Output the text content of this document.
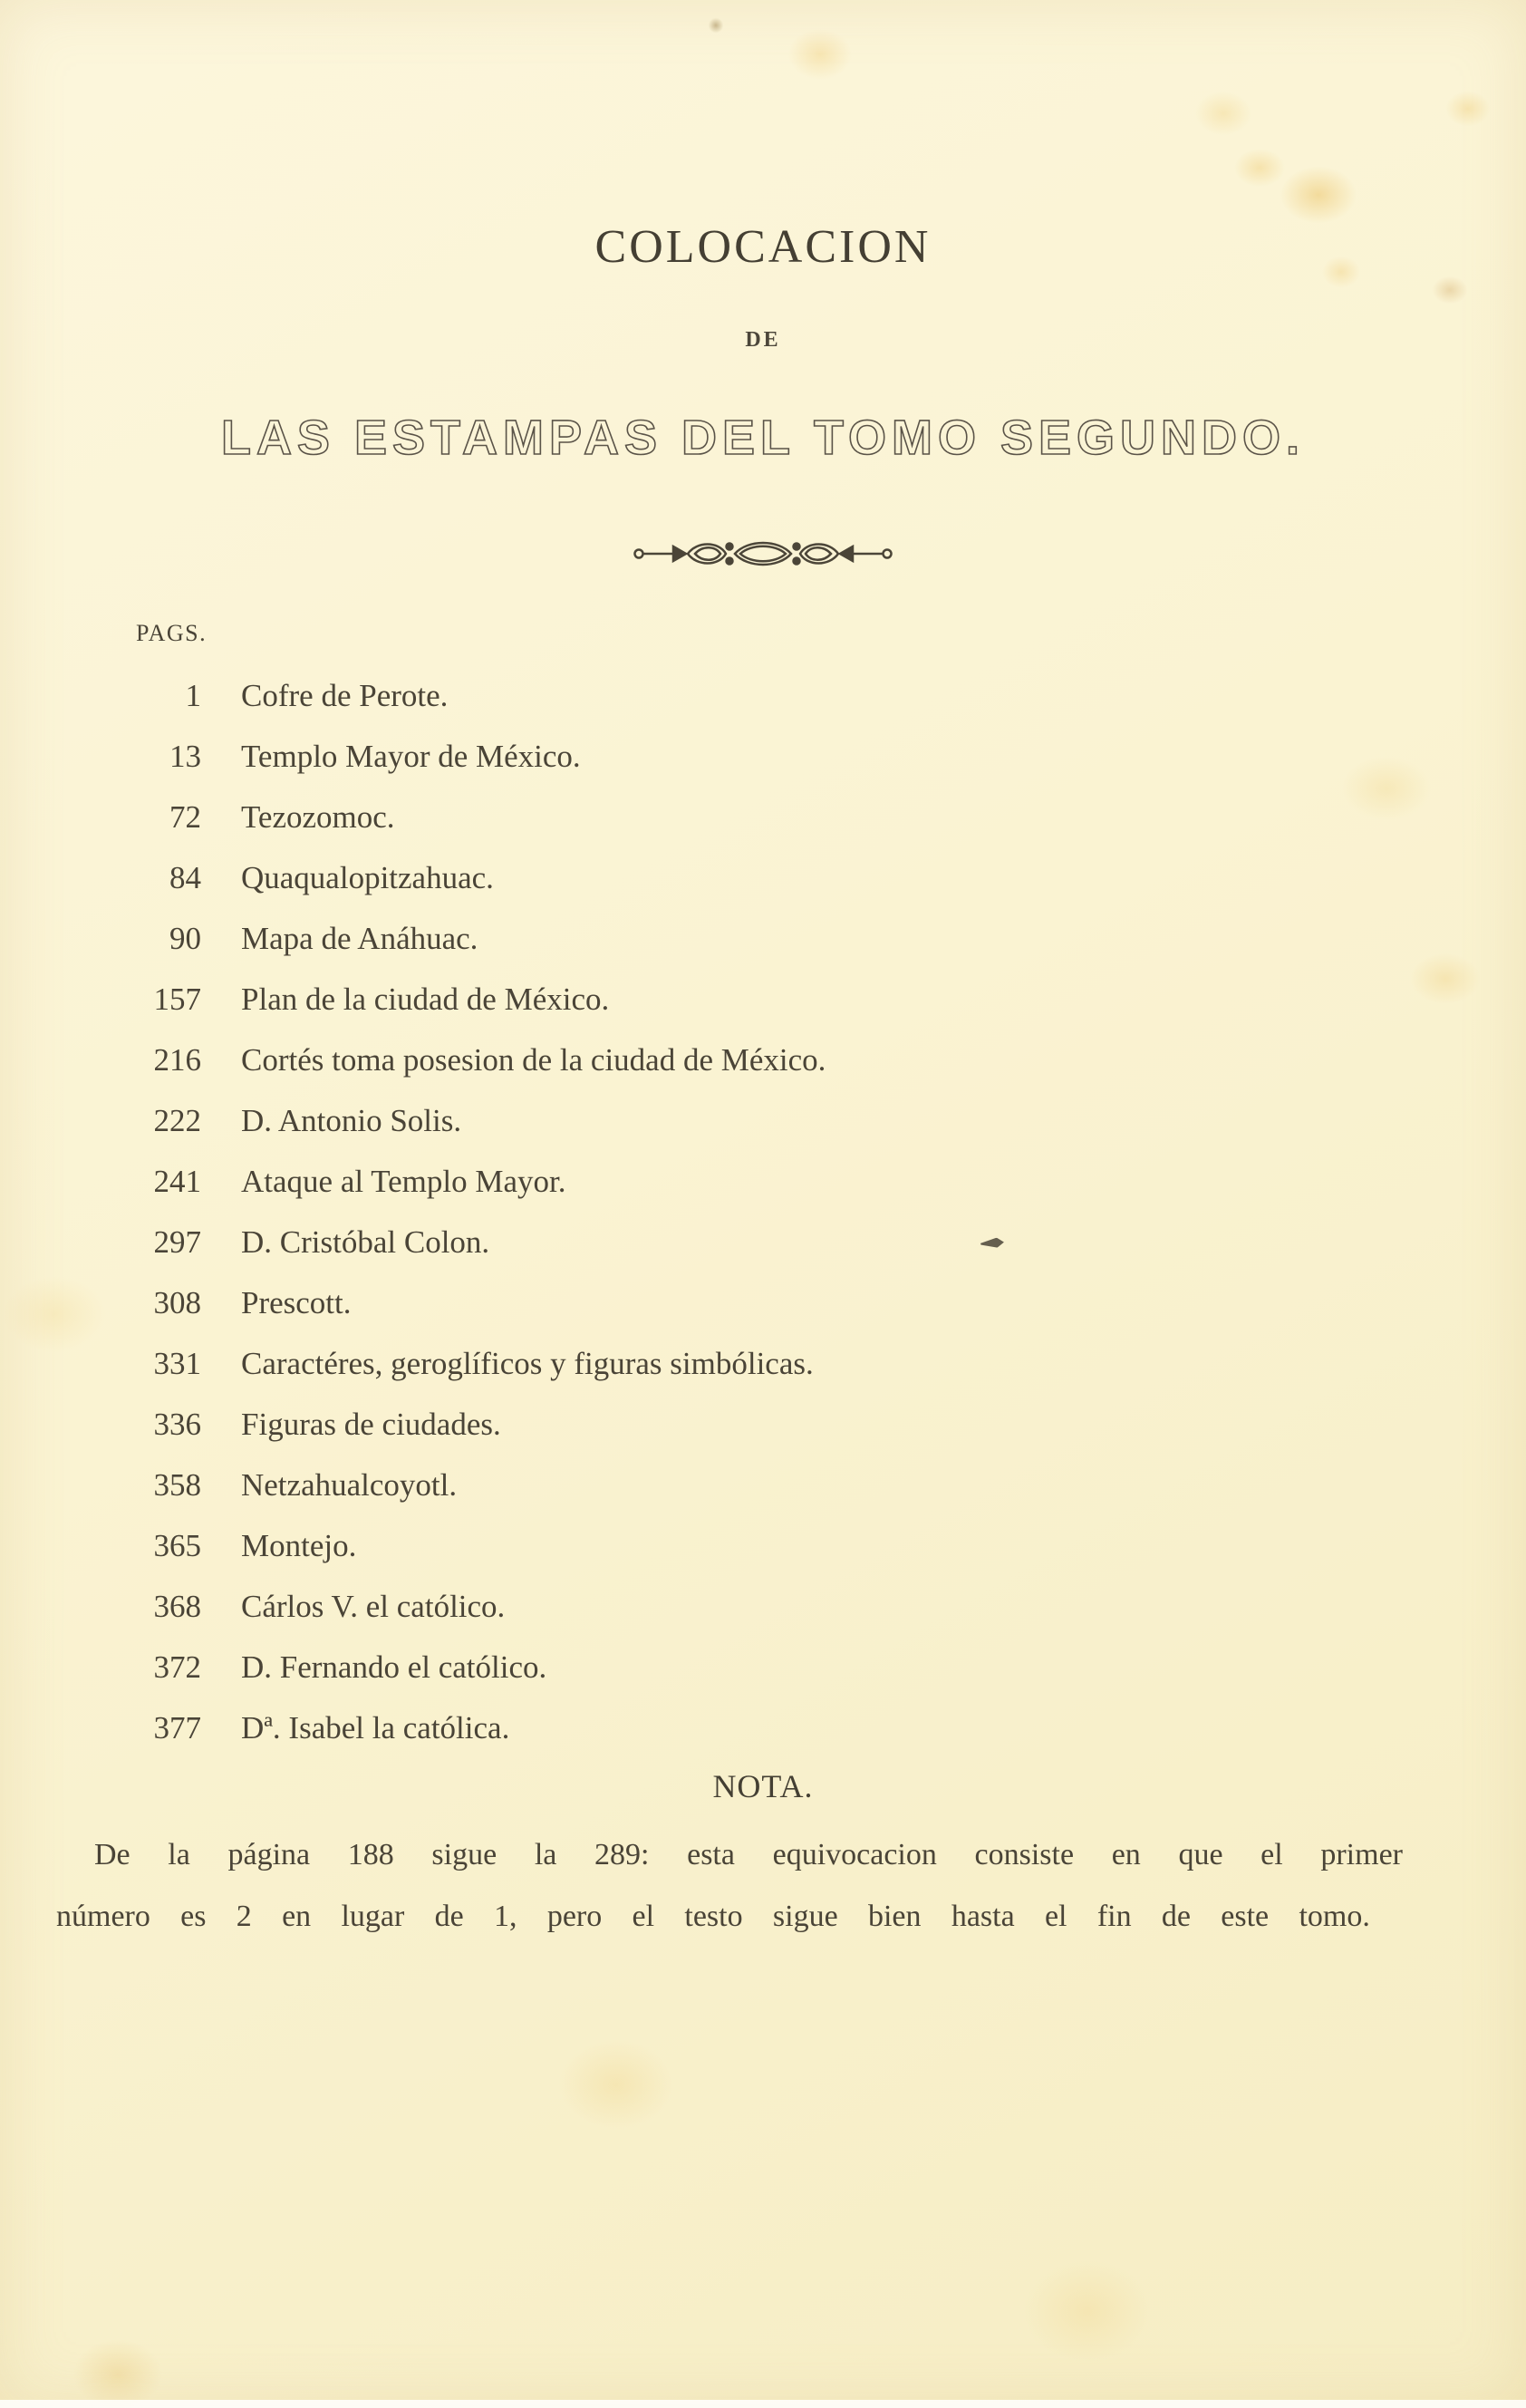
COLOCACION
DE
LAS ESTAMPAS DEL TOMO SEGUNDO.
PAGS.
1 Cofre de Perote.
13 Templo Mayor de México.
72 Tezozomoc.
84 Quaqualopitzahuac.
90 Mapa de Anáhuac.
157 Plan de la ciudad de México.
216 Cortés toma posesion de la ciudad de México.
222 D. Antonio Solis.
241 Ataque al Templo Mayor.
297 D. Cristóbal Colon.
308 Prescott.
331 Caractéres, geroglíficos y figuras simbólicas.
336 Figuras de ciudades.
358 Netzahualcoyotl.
365 Montejo.
368 Cárlos V. el católico.
372 D. Fernando el católico.
377 Dª. Isabel la católica.
NOTA.
De la página 188 sigue la 289: esta equivocacion consiste en que el primer
número es 2 en lugar de 1, pero el testo sigue bien hasta el fin de este tomo.
